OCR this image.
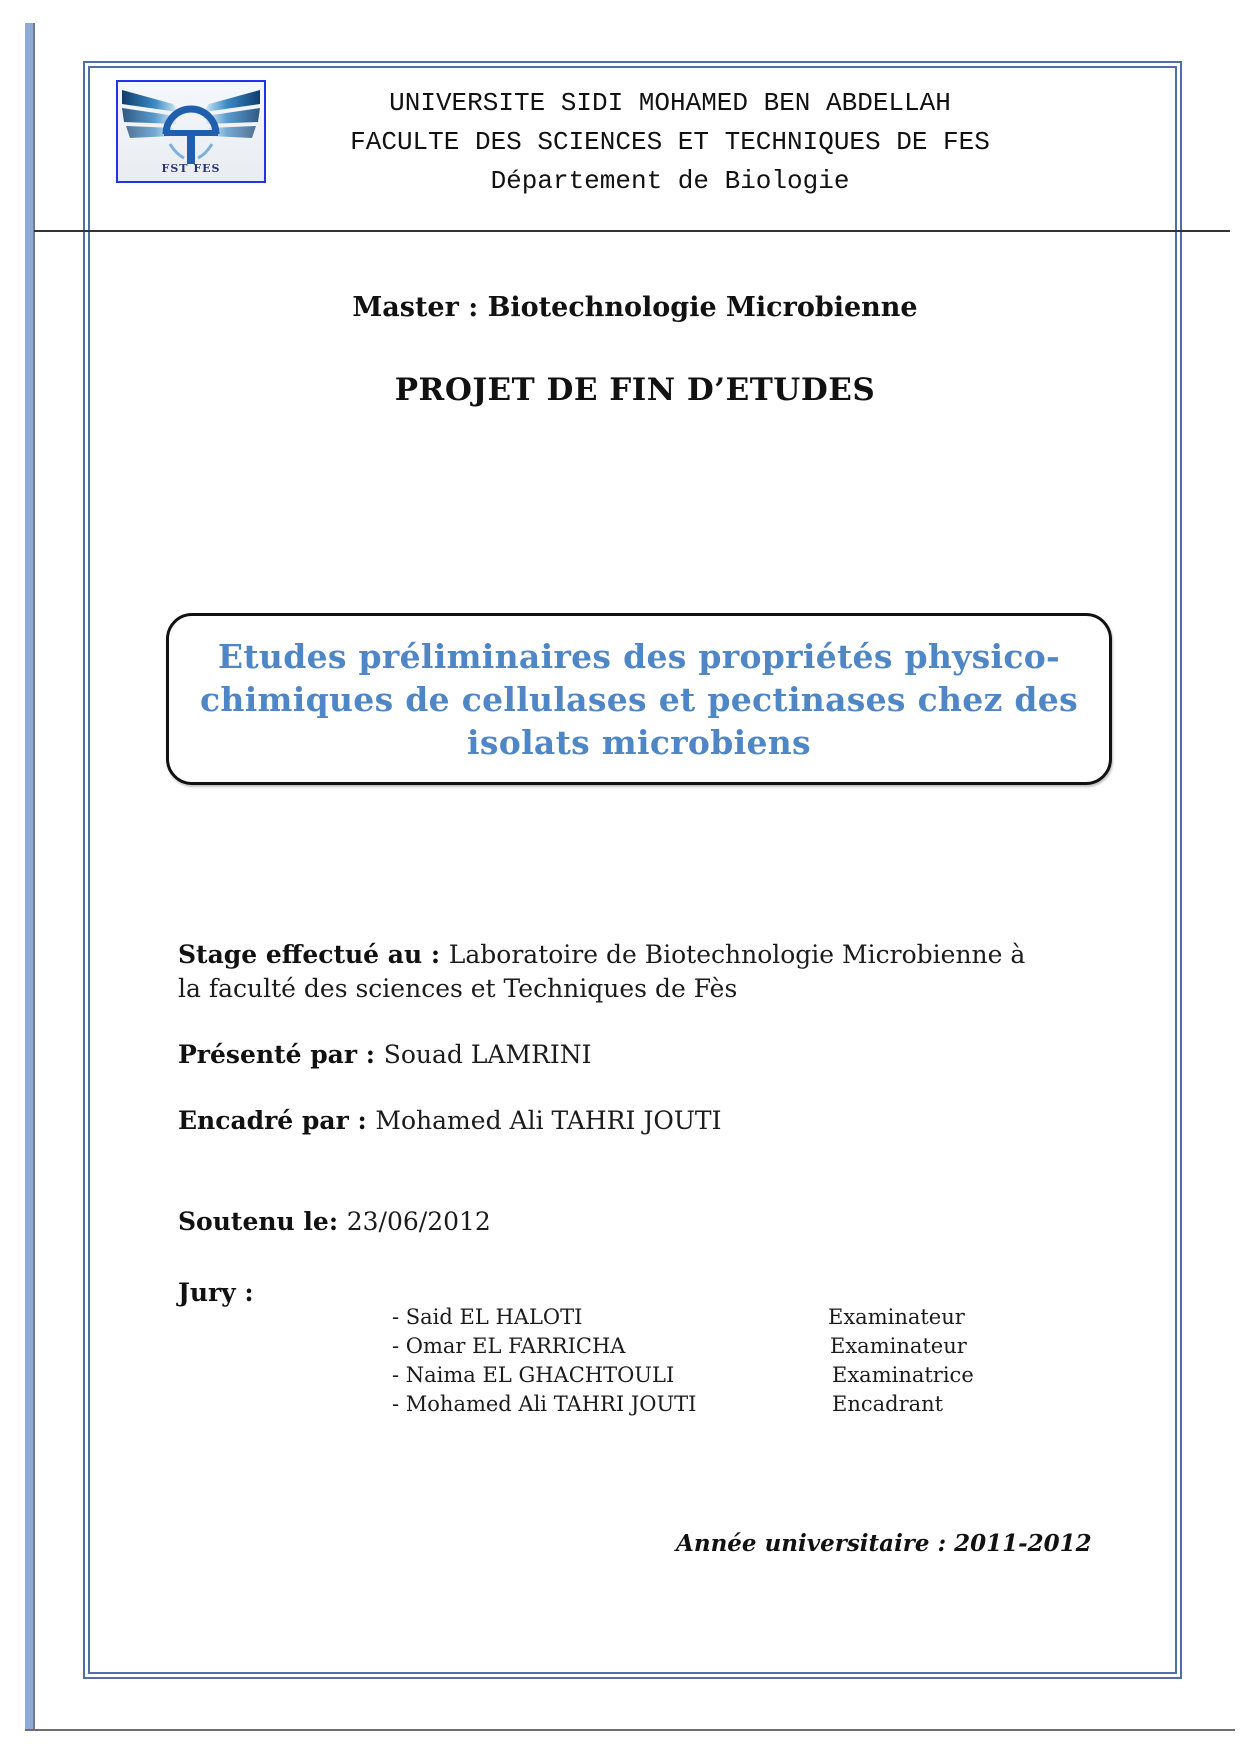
FST FES
UNIVERSITE SIDI MOHAMED BEN ABDELLAH
FACULTE DES SCIENCES ET TECHNIQUES DE FES
Département de Biologie
Master : Biotechnologie Microbienne
PROJET DE FIN D’ETUDES
Etudes préliminaires des propriétés physico-
chimiques de cellulases et pectinases chez des
isolats microbiens
Stage effectué au : Laboratoire de Biotechnologie Microbienne à
la faculté des sciences et Techniques de Fès
Présenté par : Souad LAMRINI
Encadré par : Mohamed Ali TAHRI JOUTI
Soutenu le: 23/06/2012
Jury :
- Said EL HALOTI	Examinateur
- Omar EL FARRICHA	Examinateur
- Naima EL GHACHTOULI	Examinatrice
- Mohamed Ali TAHRI JOUTI	Encadrant
Année universitaire : 2011-2012
